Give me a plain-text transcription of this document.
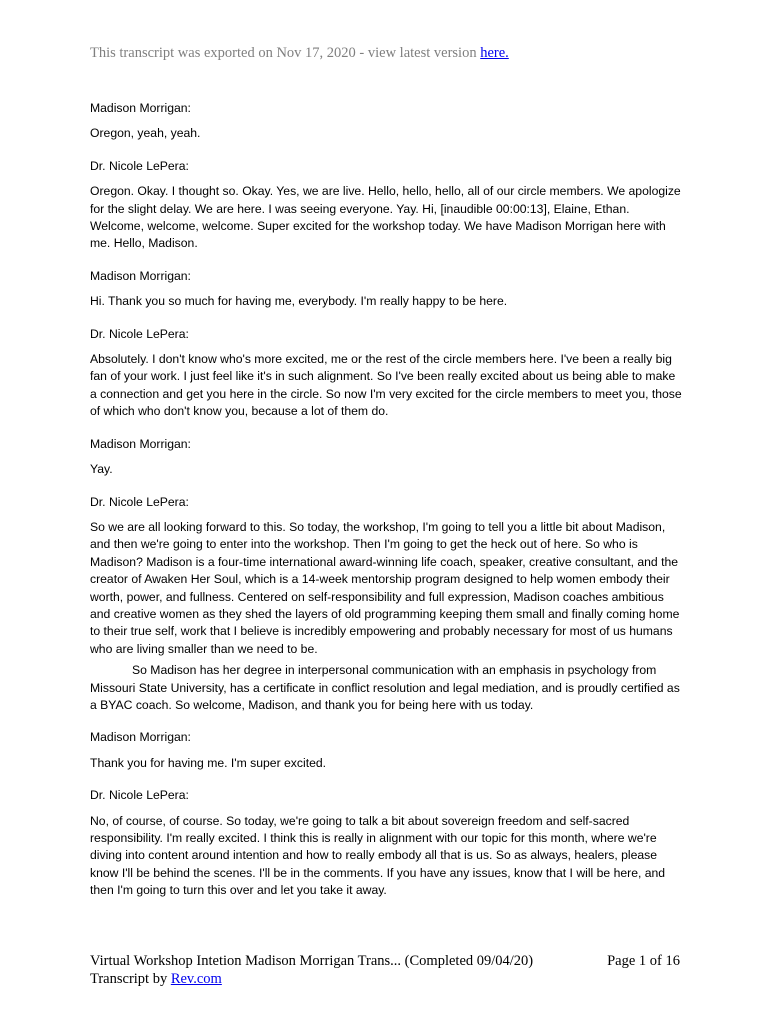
This transcript was exported on Nov 17, 2020 - view latest version here.

Madison Morrigan:

Oregon, yeah, yeah.

Dr. Nicole LePera:

Oregon. Okay. I thought so. Okay. Yes, we are live. Hello, hello, hello, all of our circle members. We apologize for the slight delay. We are here. I was seeing everyone. Yay. Hi, [inaudible 00:00:13], Elaine, Ethan. Welcome, welcome, welcome. Super excited for the workshop today. We have Madison Morrigan here with me. Hello, Madison.

Madison Morrigan:

Hi. Thank you so much for having me, everybody. I'm really happy to be here.

Dr. Nicole LePera:

Absolutely. I don't know who's more excited, me or the rest of the circle members here. I've been a really big fan of your work. I just feel like it's in such alignment. So I've been really excited about us being able to make a connection and get you here in the circle. So now I'm very excited for the circle members to meet you, those of which who don't know you, because a lot of them do.

Madison Morrigan:

Yay.

Dr. Nicole LePera:

So we are all looking forward to this. So today, the workshop, I'm going to tell you a little bit about Madison, and then we're going to enter into the workshop. Then I'm going to get the heck out of here. So who is Madison? Madison is a four-time international award-winning life coach, speaker, creative consultant, and the creator of Awaken Her Soul, which is a 14-week mentorship program designed to help women embody their worth, power, and fullness. Centered on self-responsibility and full expression, Madison coaches ambitious and creative women as they shed the layers of old programming keeping them small and finally coming home to their true self, work that I believe is incredibly empowering and probably necessary for most of us humans who are living smaller than we need to be.

So Madison has her degree in interpersonal communication with an emphasis in psychology from Missouri State University, has a certificate in conflict resolution and legal mediation, and is proudly certified as a BYAC coach. So welcome, Madison, and thank you for being here with us today.

Madison Morrigan:

Thank you for having me. I'm super excited.

Dr. Nicole LePera:

No, of course, of course. So today, we're going to talk a bit about sovereign freedom and self-sacred responsibility. I'm really excited. I think this is really in alignment with our topic for this month, where we're diving into content around intention and how to really embody all that is us. So as always, healers, please know I'll be behind the scenes. I'll be in the comments. If you have any issues, know that I will be here, and then I'm going to turn this over and let you take it away.

Virtual Workshop Intetion Madison Morrigan Trans... (Completed 09/04/20)	Page 1 of 16
Transcript by Rev.com
